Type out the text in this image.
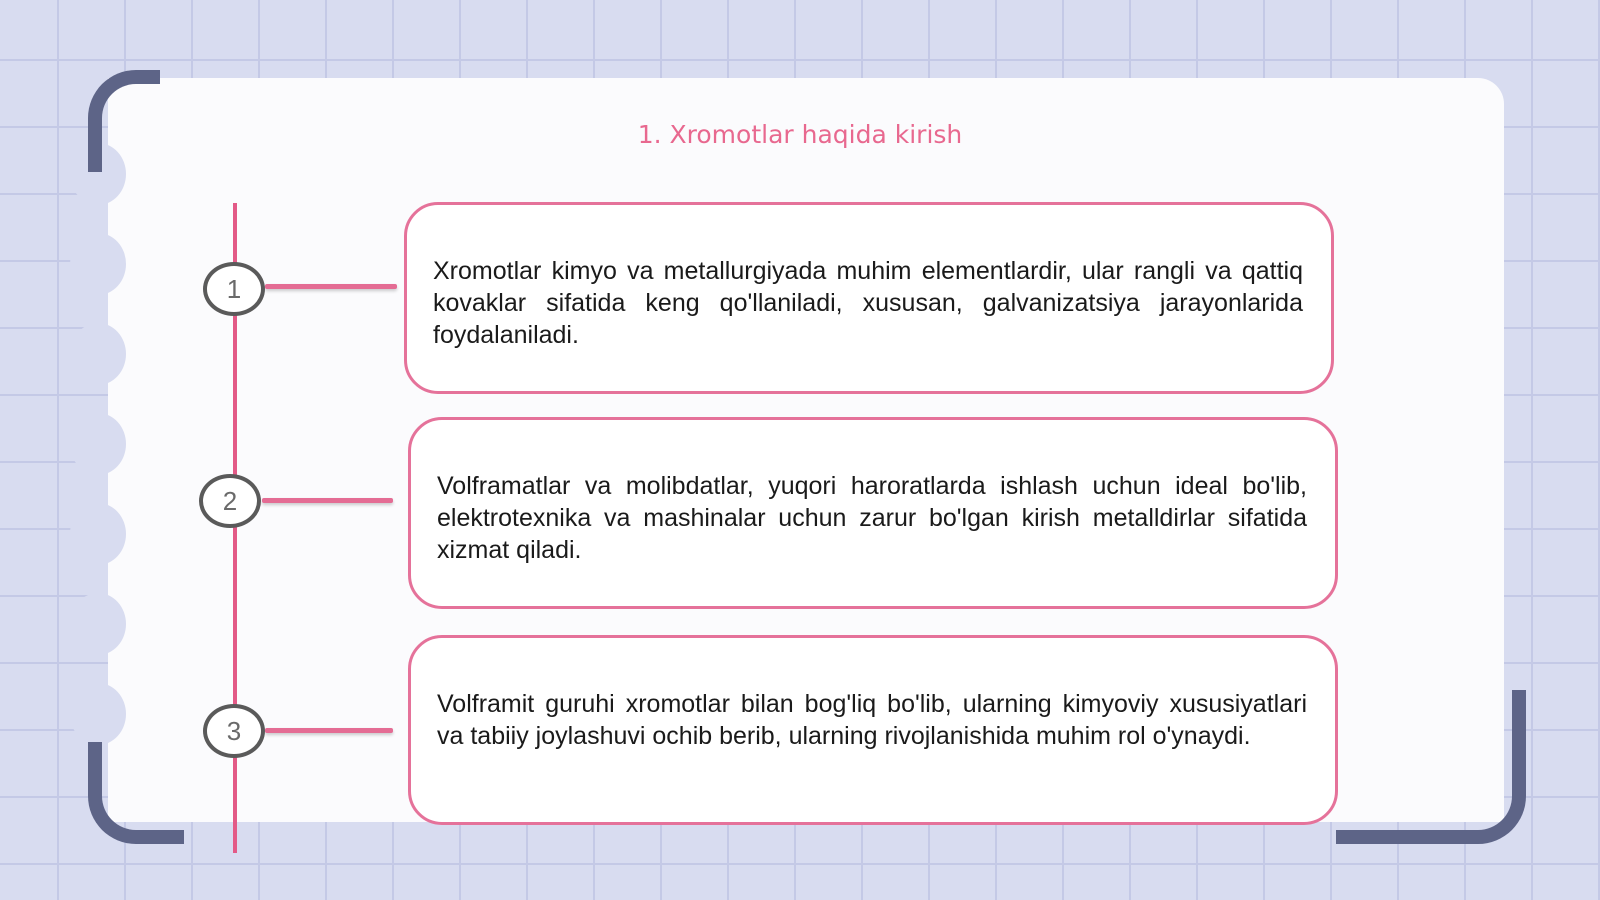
1. Xromotlar haqida kirish
1
2
3
Xromotlar kimyo va metallurgiyada muhim elementlardir, ular rangli va qattiq kovaklar sifatida keng qo'llaniladi, xususan, galvanizatsiya jarayonlarida foydalaniladi.
Volframatlar va molibdatlar, yuqori haroratlarda ishlash uchun ideal bo'lib, elektrotexnika va mashinalar uchun zarur bo'lgan kirish metalldirlar sifatida xizmat qiladi.
Volframit guruhi xromotlar bilan bog'liq bo'lib, ularning kimyoviy xususiyatlari va tabiiy joylashuvi ochib berib, ularning rivojlanishida muhim rol o'ynaydi.
